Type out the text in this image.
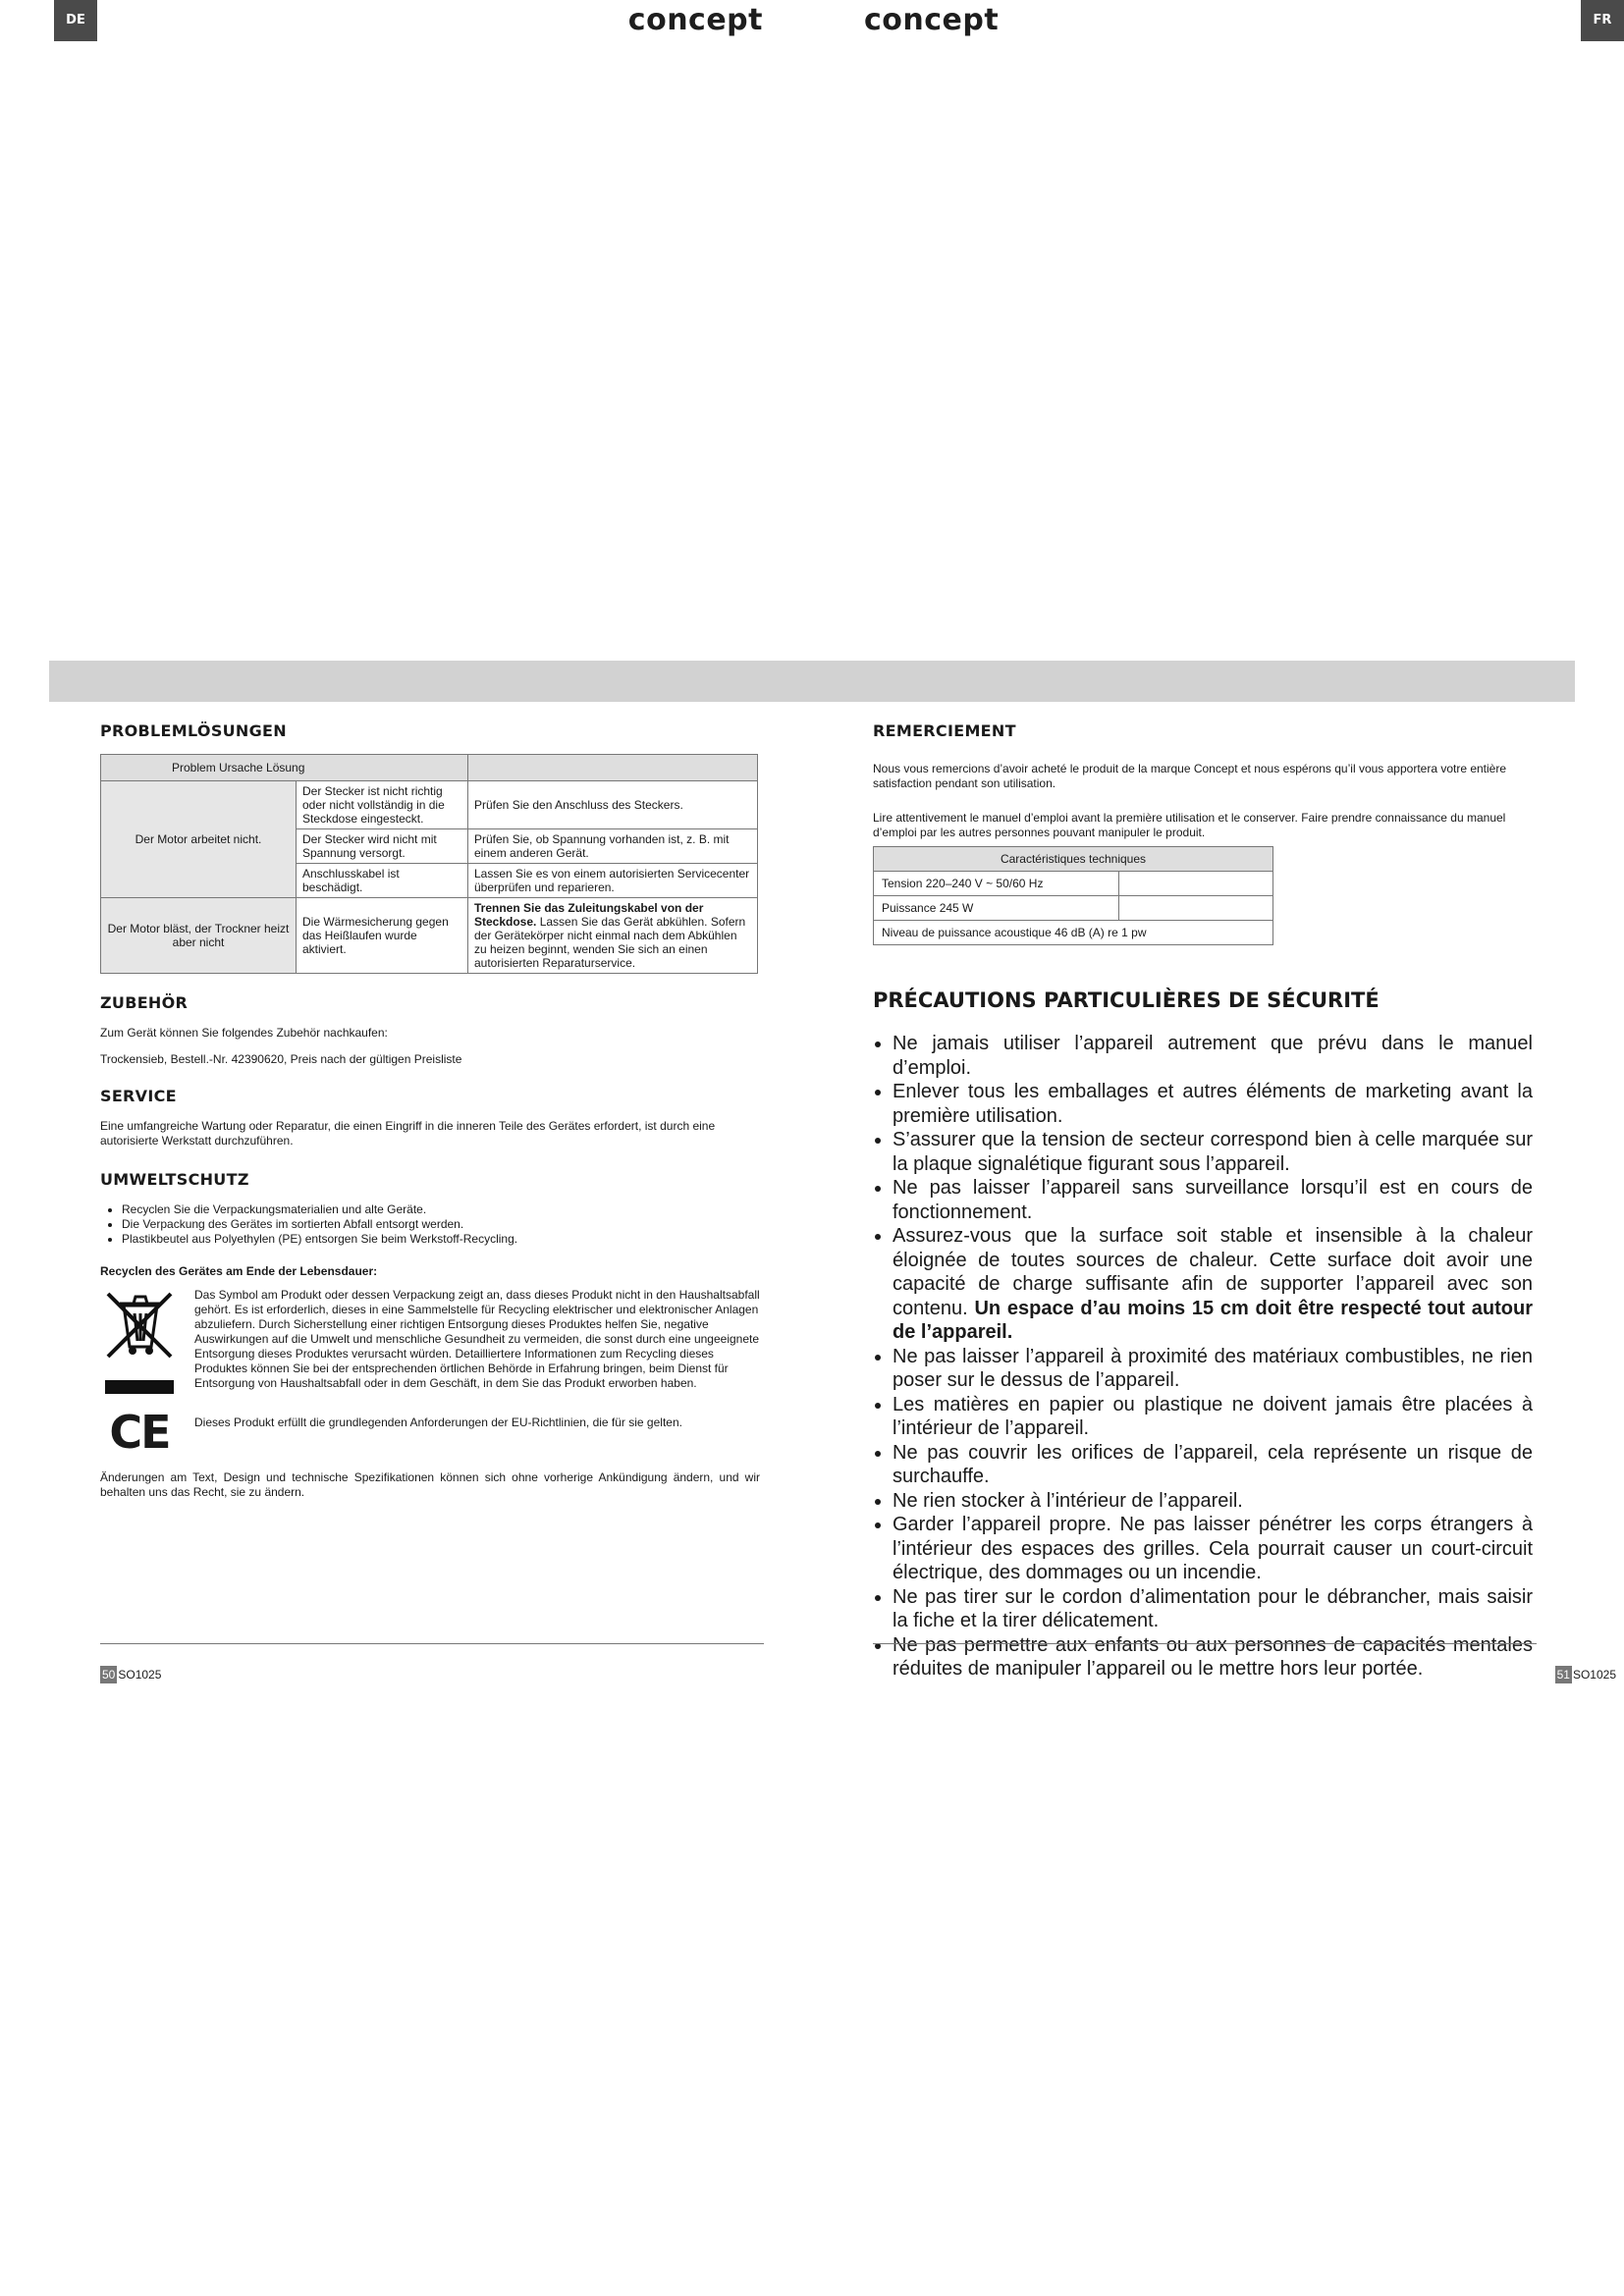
DE	concept
PROBLEMLÖSUNGEN
Problem Ursache Lösung		
Der Motor arbeitet nicht.	Der Stecker ist nicht richtig oder nicht vollständig in die Steckdose eingesteckt.	Prüfen Sie den Anschluss des Steckers.
	Der Stecker wird nicht mit Spannung versorgt.	Prüfen Sie, ob Spannung vorhanden ist, z. B. mit einem anderen Gerät.
	Anschlusskabel ist beschädigt.	Lassen Sie es von einem autorisierten Servicecenter überprüfen und reparieren.
Der Motor bläst, der Trockner heizt aber nicht	Die Wärmesicherung gegen das Heißlaufen wurde aktiviert.	Trennen Sie das Zuleitungskabel von der Steckdose. Lassen Sie das Gerät abkühlen. Sofern der Gerätekörper nicht einmal nach dem Abkühlen zu heizen beginnt, wenden Sie sich an einen autorisierten Reparaturservice.
ZUBEHÖR

Zum Gerät können Sie folgendes Zubehör nachkaufen:

Trockensieb, Bestell.-Nr. 42390620, Preis nach der gültigen Preisliste

SERVICE

Eine umfangreiche Wartung oder Reparatur, die einen Eingriff in die inneren Teile des Gerätes erfordert, ist durch eine autorisierte Werkstatt durchzuführen.

UMWELTSCHUTZ
• Recyclen Sie die Verpackungsmaterialien und alte Geräte.
• Die Verpackung des Gerätes im sortierten Abfall entsorgt werden.
• Plastikbeutel aus Polyethylen (PE) entsorgen Sie beim Werkstoff-Recycling.
Recyclen des Gerätes am Ende der Lebensdauer:
Das Symbol am Produkt oder dessen Verpackung zeigt an, dass dieses Produkt nicht in den Haushaltsabfall gehört. Es ist erforderlich, dieses in eine Sammelstelle für Recycling elektrischer und elektronischer Anlagen abzuliefern. Durch Sicherstellung einer richtigen Entsorgung dieses Produktes helfen Sie, negative Auswirkungen auf die Umwelt und menschliche Gesundheit zu vermeiden, die sonst durch eine ungeeignete Entsorgung dieses Produktes verursacht würden. Detailliertere Informationen zum Recycling dieses Produktes können Sie bei der entsprechenden örtlichen Behörde in Erfahrung bringen, beim Dienst für Entsorgung von Haushaltsabfall oder in dem Geschäft, in dem Sie das Produkt erworben haben.
CE Dieses Produkt erfüllt die grundlegenden Anforderungen der EU-Richtlinien, die für sie gelten.

Änderungen am Text, Design und technische Spezifikationen können sich ohne vorherige Ankündigung ändern, und wir behalten uns das Recht, sie zu ändern.

50 SO1025
FR
concept
REMERCIEMENT

Nous vous remercions d’avoir acheté le produit de la marque Concept et nous espérons qu’il vous apportera votre entière satisfaction pendant son utilisation.

Lire attentivement le manuel d’emploi avant la première utilisation et le conserver. Faire prendre connaissance du manuel d’emploi par les autres personnes pouvant manipuler le produit.

Caractéristiques techniques	
Tension 220–240 V ~ 50/60 Hz	
Puissance 245 W	
Niveau de puissance acoustique 46 dB (A) re 1 pw	
PRÉCAUTIONS PARTICULIÈRES DE SÉCURITÉ
• Ne jamais utiliser l’appareil autrement que prévu dans le manuel d’emploi.
• Enlever tous les emballages et autres éléments de marketing avant la première utilisation.
• S’assurer que la tension de secteur correspond bien à celle marquée sur la plaque signalétique figurant sous l’appareil.
• Ne pas laisser l’appareil sans surveillance lorsqu’il est en cours de fonctionnement.
• Assurez-vous que la surface soit stable et insensible à la chaleur éloignée de toutes sources de chaleur. Cette surface doit avoir une capacité de charge suffisante afin de supporter l’appareil avec son contenu. Un espace d’au moins 15 cm doit être respecté tout autour de l’appareil.
• Ne pas laisser l’appareil à proximité des matériaux combustibles, ne rien poser sur le dessus de l’appareil.
• Les matières en papier ou plastique ne doivent jamais être placées à l’intérieur de l’appareil.
• Ne pas couvrir les orifices de l’appareil, cela représente un risque de surchauffe.
• Ne rien stocker à l’intérieur de l’appareil.
• Garder l’appareil propre. Ne pas laisser pénétrer les corps étrangers à l’intérieur des espaces des grilles. Cela pourrait causer un court-circuit électrique, des dommages ou un incendie.
• Ne pas tirer sur le cordon d’alimentation pour le débrancher, mais saisir la fiche et la tirer délicatement.
• Ne pas permettre aux enfants ou aux personnes de capacités mentales réduites de manipuler l’appareil ou le mettre hors leur portée.	51 SO1025
